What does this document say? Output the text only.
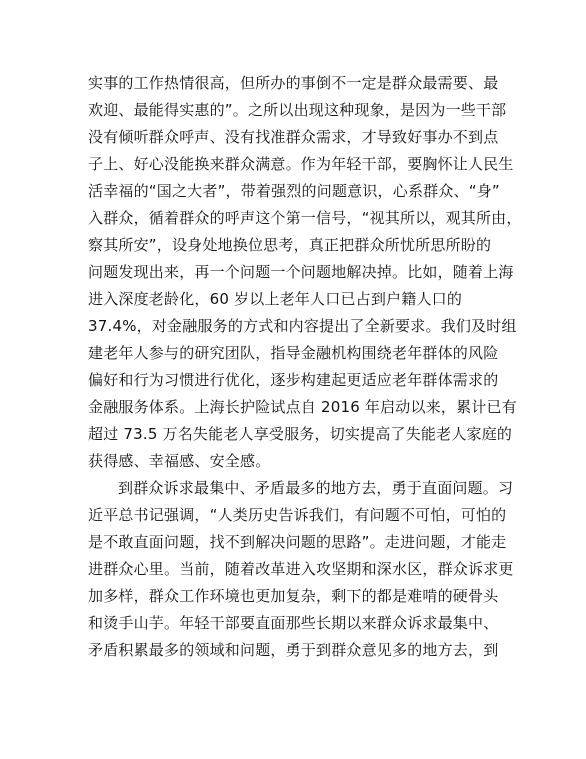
实事的工作热情很高，但所办的事倒不一定是群众最需要、最
欢迎、最能得实惠的”。之所以出现这种现象，是因为一些干部
没有倾听群众呼声、没有找准群众需求，才导致好事办不到点
子上、好心没能换来群众满意。作为年轻干部，要胸怀让人民生
活幸福的“国之大者”，带着强烈的问题意识，心系群众、“身”
入群众，循着群众的呼声这个第一信号，“视其所以，观其所由，
察其所安”，设身处地换位思考，真正把群众所忧所思所盼的
问题发现出来，再一个问题一个问题地解决掉。比如，随着上海
进入深度老龄化，60 岁以上老年人口已占到户籍人口的
37.4%，对金融服务的方式和内容提出了全新要求。我们及时组
建老年人参与的研究团队，指导金融机构围绕老年群体的风险
偏好和行为习惯进行优化，逐步构建起更适应老年群体需求的
金融服务体系。上海长护险试点自 2016 年启动以来，累计已有
超过 73.5 万名失能老人享受服务，切实提高了失能老人家庭的
获得感、幸福感、安全感。
到群众诉求最集中、矛盾最多的地方去，勇于直面问题。习
近平总书记强调，“人类历史告诉我们，有问题不可怕，可怕的
是不敢直面问题，找不到解决问题的思路”。走进问题，才能走
进群众心里。当前，随着改革进入攻坚期和深水区，群众诉求更
加多样，群众工作环境也更加复杂，剩下的都是难啃的硬骨头
和烫手山芋。年轻干部要直面那些长期以来群众诉求最集中、
矛盾积累最多的领域和问题，勇于到群众意见多的地方去，到
